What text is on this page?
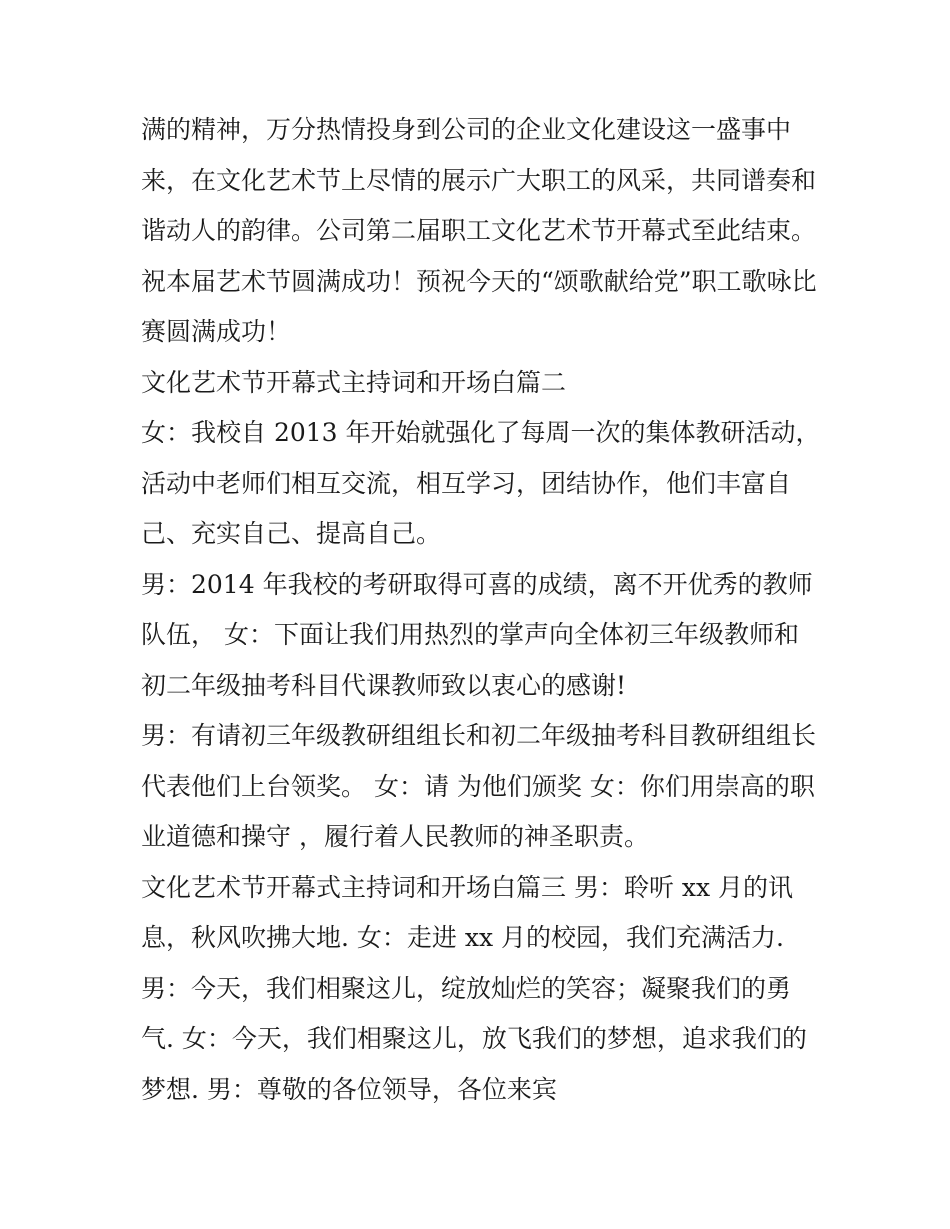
满的精神，万分热情投身到公司的企业文化建设这一盛事中
来，在文化艺术节上尽情的展示广大职工的风采，共同谱奏和
谐动人的韵律。公司第二届职工文化艺术节开幕式至此结束。
祝本届艺术节圆满成功！预祝今天的“颂歌献给党”职工歌咏比
赛圆满成功！
文化艺术节开幕式主持词和开场白篇二
女：我校自 2013 年开始就强化了每周一次的集体教研活动，
活动中老师们相互交流，相互学习，团结协作，他们丰富自
己、充实自己、提高自己。
男：2014 年我校的考研取得可喜的成绩，离不开优秀的教师
队伍， 女：下面让我们用热烈的掌声向全体初三年级教师和
初二年级抽考科目代课教师致以衷心的感谢!
男：有请初三年级教研组组长和初二年级抽考科目教研组组长
代表他们上台领奖。 女：请 为他们颁奖 女：你们用崇高的职
业道德和操守 ，履行着人民教师的神圣职责。
文化艺术节开幕式主持词和开场白篇三 男：聆听 xx 月的讯
息，秋风吹拂大地. 女：走进 xx 月的校园，我们充满活力.
男：今天，我们相聚这儿，绽放灿烂的笑容；凝聚我们的勇
气. 女：今天，我们相聚这儿，放飞我们的梦想，追求我们的
梦想. 男：尊敬的各位领导，各位来宾
